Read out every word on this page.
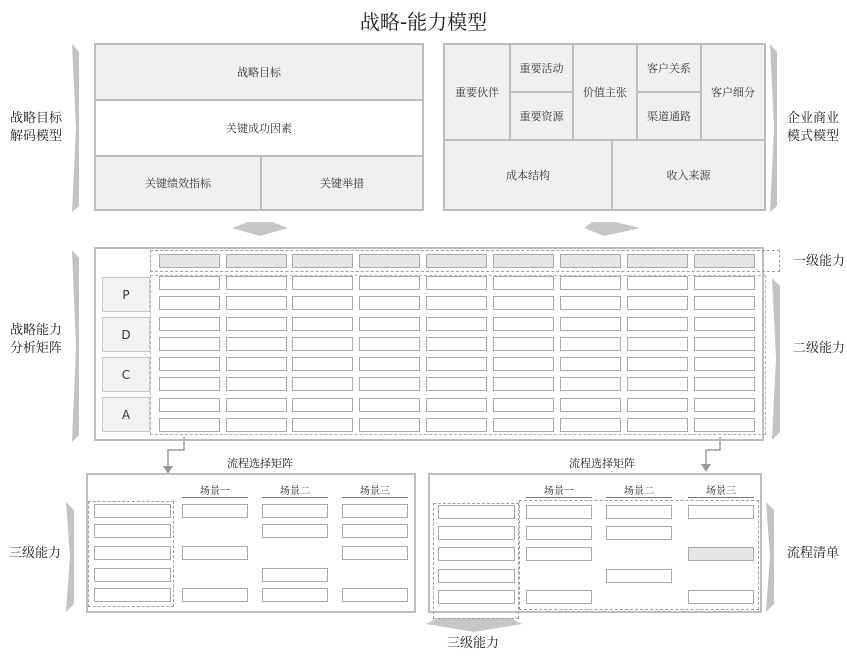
战略-能力模型
战略目标
解码模型
战略能力
分析矩阵
三级能力
企业商业
模式模型
一级能力
二级能力
流程清单
战略目标
关键成功因素
关键绩效指标	关键举措
重要伙伴
重要活动
重要资源
价值主张
客户关系
渠道通路
客户细分
成本结构	收入来源
P
D
C
A
流程选择矩阵
场景一	场景二	场景三
流程选择矩阵
场景一	场景二	场景三
三级能力
